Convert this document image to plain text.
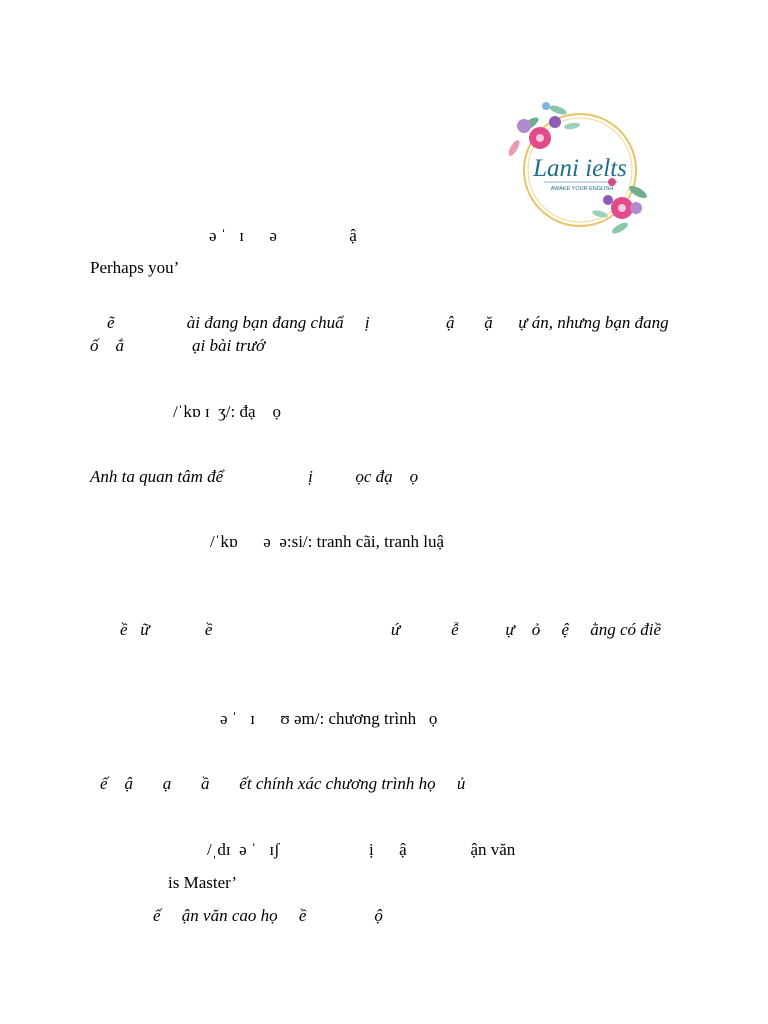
Lani ielts
AWAKE YOUR ENGLISH
ə ˈ   ɪ      ə                 ậ
Perhaps you’
ẽ                 ài đang bạn đang chuẩ     ị                  ậ       ặ      ự án, nhưng bạn đang
ố    ắ                ại bài trướ
/ˈkɒ ɪ  ʒ/: đạ    ọ
Anh ta quan tâm để                    ị          ọc đạ    ọ
/ˈkɒ      ə  ə:si/: tranh cãi, tranh luậ
ề   ữ             ề                                          ứ            ễ           ự    ỏ     ệ     ằng có điề
ə ˈ   ɪ      ʊ əm/: chương trình   ọ
ế    ậ       ạ       ầ       ết chính xác chương trình họ     ủ
/ˌdɪ  ə ˈ   ɪʃ                     ị      ậ               ận văn
is Master’
ế     ận văn cao họ     ề                ộ
